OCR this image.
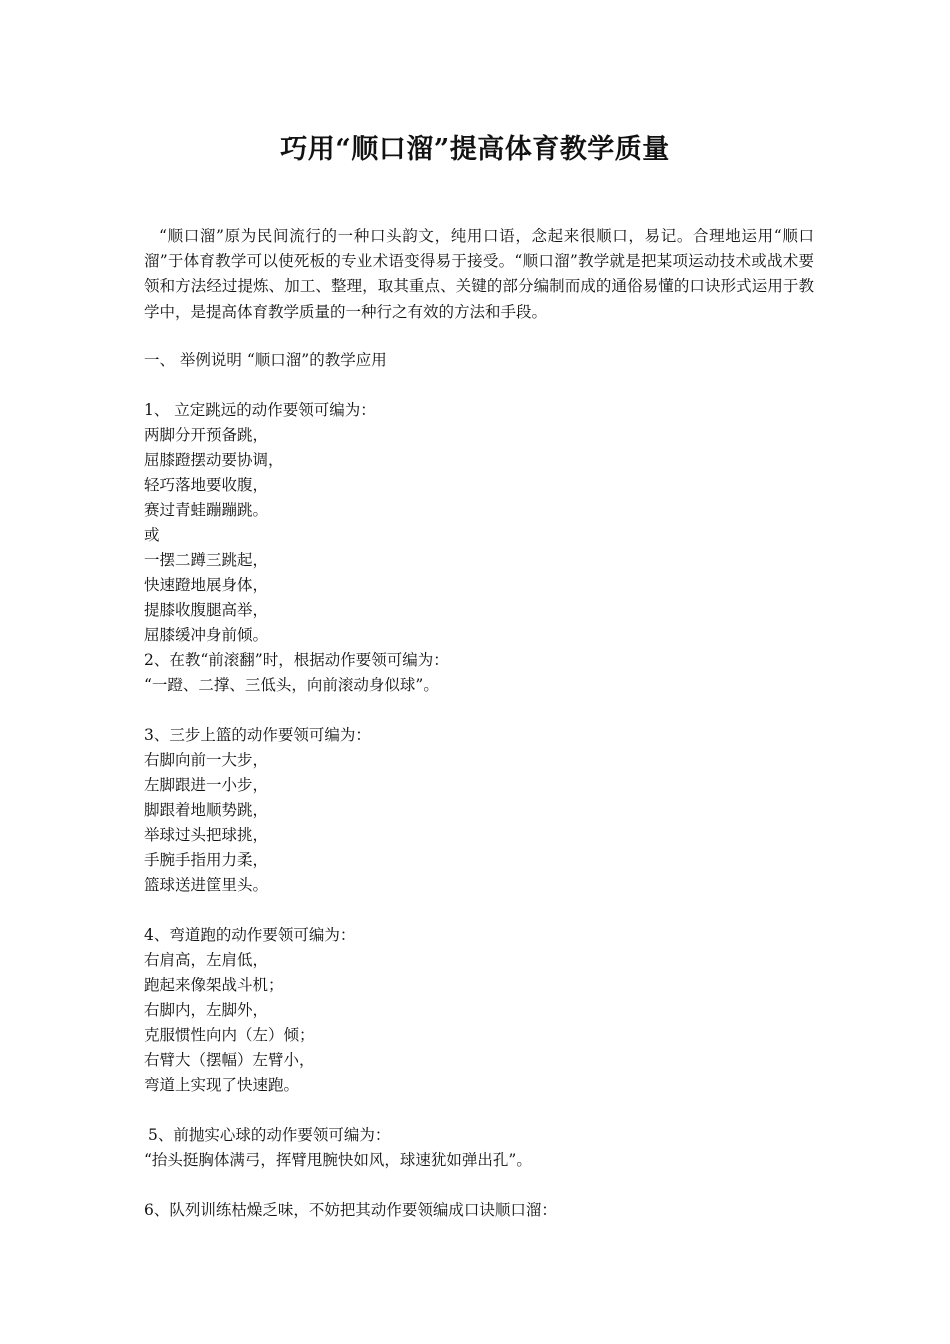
巧用“顺口溜”提高体育教学质量

“顺口溜”原为民间流行的一种口头韵文，纯用口语，念起来很顺口，易记。合理地运用“顺口溜”于体育教学可以使死板的专业术语变得易于接受。“顺口溜”教学就是把某项运动技术或战术要领和方法经过提炼、加工、整理，取其重点、关键的部分编制而成的通俗易懂的口诀形式运用于教学中，是提高体育教学质量的一种行之有效的方法和手段。

一、 举例说明 “顺口溜”的教学应用
1、 立定跳远的动作要领可编为：
两脚分开预备跳，
屈膝蹬摆动要协调，
轻巧落地要收腹，
赛过青蛙蹦蹦跳。
或
一摆二蹲三跳起，
快速蹬地展身体，
提膝收腹腿高举，
屈膝缓冲身前倾。
2、在教“前滚翻”时，根据动作要领可编为：
“一蹬、二撑、三低头，向前滚动身似球”。
3、三步上篮的动作要领可编为：
右脚向前一大步，
左脚跟进一小步，
脚跟着地顺势跳，
举球过头把球挑，
手腕手指用力柔，
篮球送进筐里头。
4、弯道跑的动作要领可编为：
右肩高，左肩低，
跑起来像架战斗机；
右脚内，左脚外，
克服惯性向内（左）倾；
右臂大（摆幅）左臂小，
弯道上实现了快速跑。
5、前抛实心球的动作要领可编为：
“抬头挺胸体满弓，挥臂甩腕快如风，球速犹如弹出孔”。
6、队列训练枯燥乏味，不妨把其动作要领编成口诀顺口溜：
